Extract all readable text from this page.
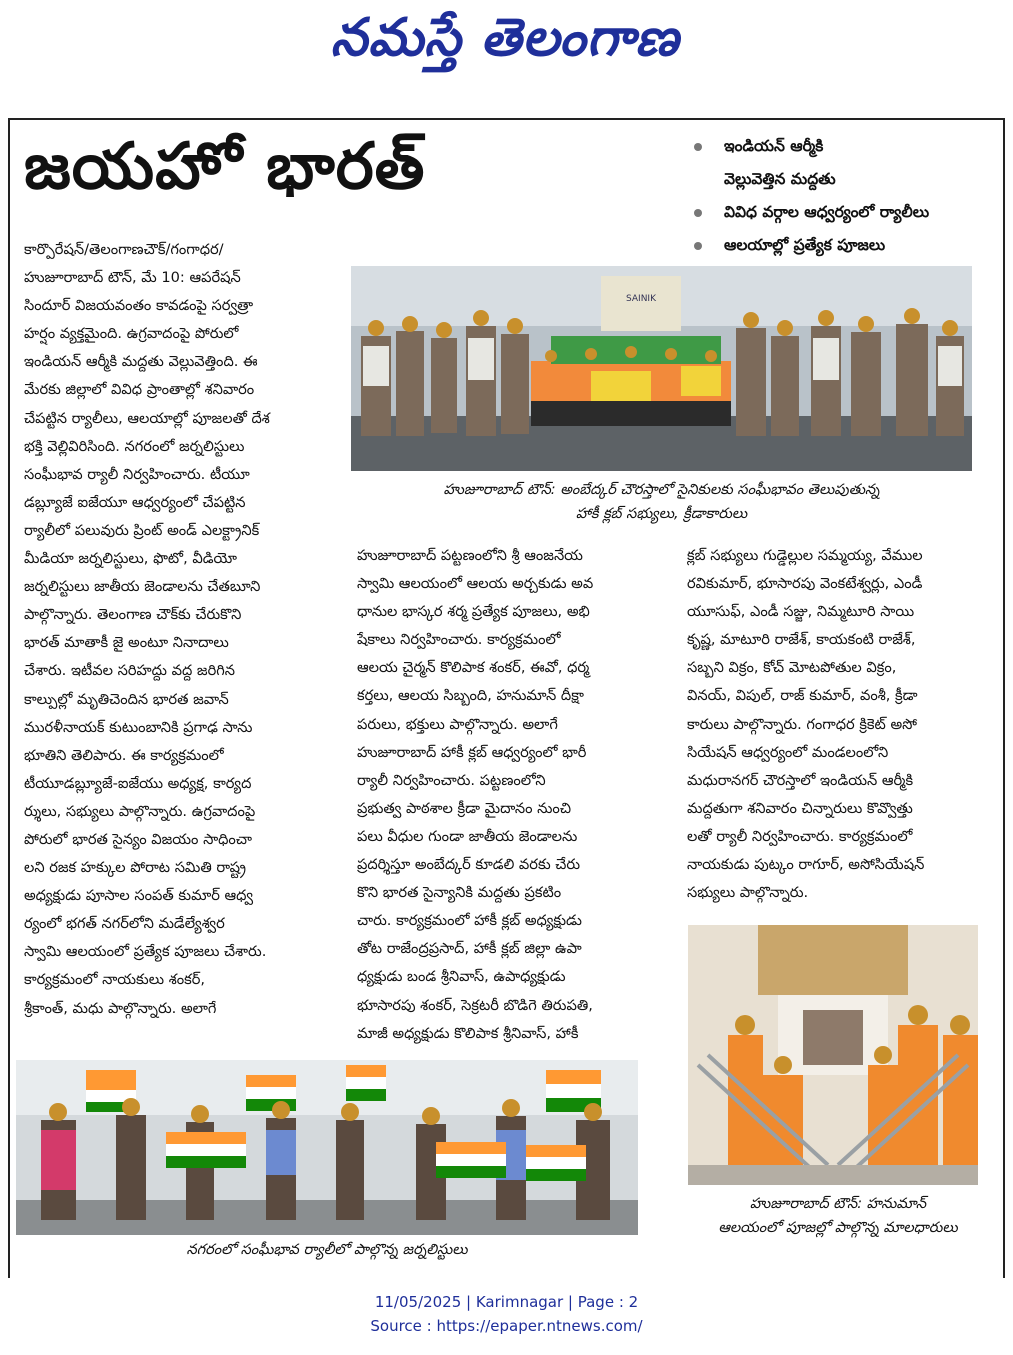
నమస్తే తెలంగాణ
జయహో భారత్	ఇండియన్ ఆర్మీకి
వెల్లువెత్తిన మద్దతు
వివిధ వర్గాల ఆధ్వర్యంలో ర్యాలీలు
ఆలయాల్లో ప్రత్యేక పూజలు

కార్పొరేషన్/తెలంగాణచౌక్/గంగాధర/

హుజూరాబాద్ టౌన్, మే 10: ఆపరేషన్

సిందూర్ విజయవంతం కావడంపై సర్వత్రా

హర్షం వ్యక్తమైంది. ఉగ్రవాదంపై పోరులో

ఇండియన్ ఆర్మీకి మద్దతు వెల్లువెత్తింది. ఈ

మేరకు జిల్లాలో వివిధ ప్రాంతాల్లో శనివారం

చేపట్టిన ర్యాలీలు, ఆలయాల్లో పూజలతో దేశ

భక్తి వెల్లివిరిసింది. నగరంలో జర్నలిస్టులు

సంఘీభావ ర్యాలీ నిర్వహించారు. టీయూ

డబ్ల్యూజే ఐజేయూ ఆధ్వర్యంలో చేపట్టిన

ర్యాలీలో పలువురు ప్రింట్ అండ్ ఎలక్ట్రానిక్

మీడియా జర్నలిస్టులు, ఫొటో, వీడియో

జర్నలిస్టులు జాతీయ జెండాలను చేతబూని

పాల్గొన్నారు. తెలంగాణ చౌక్‌కు చేరుకొని

భారత్ మాతాకీ జై అంటూ నినాదాలు

చేశారు. ఇటీవల సరిహద్దు వద్ద జరిగిన

కాల్పుల్లో మృతిచెందిన భారత జవాన్

మురళీనాయక్ కుటుంబానికి ప్రగాఢ సాను

భూతిని తెలిపారు. ఈ కార్యక్రమంలో

టీయూడబ్ల్యూజే-ఐజేయు అధ్యక్ష, కార్యద

ర్శులు, సభ్యులు పాల్గొన్నారు. ఉగ్రవాదంపై

పోరులో భారత సైన్యం విజయం సాధించా

లని రజక హక్కుల పోరాట సమితి రాష్ట్ర

అధ్యక్షుడు పూసాల సంపత్ కుమార్ ఆధ్వ

ర్యంలో భగత్ నగర్‌లోని మడేల్యేశ్వర

స్వామి ఆలయంలో ప్రత్యేక పూజలు చేశారు.

కార్యక్రమంలో నాయకులు శంకర్,

శ్రీకాంత్, మధు పాల్గొన్నారు. అలాగే

హుజూరాబాద్ పట్టణంలోని శ్రీ ఆంజనేయ

స్వామి ఆలయంలో ఆలయ అర్చకుడు అవ

ధానుల భాస్కర శర్మ ప్రత్యేక పూజలు, అభి

షేకాలు నిర్వహించారు. కార్యక్రమంలో

ఆలయ చైర్మన్ కొలిపాక శంకర్, ఈవో, ధర్మ

కర్తలు, ఆలయ సిబ్బంది, హనుమాన్ దీక్షా

పరులు, భక్తులు పాల్గొన్నారు. అలాగే

హుజూరాబాద్ హాకీ క్లబ్ ఆధ్వర్యంలో భారీ

ర్యాలీ నిర్వహించారు. పట్టణంలోని

ప్రభుత్వ పాఠశాల క్రీడా మైదానం నుంచి

పలు వీధుల గుండా జాతీయ జెండాలను

ప్రదర్శిస్తూ అంబేద్కర్ కూడలి వరకు చేరు

కొని భారత సైన్యానికి మద్దతు ప్రకటిం

చారు. కార్యక్రమంలో హాకీ క్లబ్ అధ్యక్షుడు

తోట రాజేంద్రప్రసాద్, హాకీ క్లబ్ జిల్లా ఉపా

ధ్యక్షుడు బండ శ్రీనివాస్, ఉపాధ్యక్షుడు

భూసారపు శంకర్, సెక్రటరీ బొడిగె తిరుపతి,

మాజీ అధ్యక్షుడు కొలిపాక శ్రీనివాస్, హాకీ

క్లబ్ సభ్యులు గుడ్డెల్లుల సమ్మయ్య, వేముల

రవికుమార్, భూసారపు వెంకటేశ్వర్లు, ఎండీ

యూసుఫ్, ఎండీ సజ్జు, నిమ్మటూరి సాయి

కృష్ణ, మాటూరి రాజేశ్, కాయకంటి రాజేశ్,

సబ్బని విక్రం, కోచ్ మోటపోతుల విక్రం,

వినయ్, విపుల్, రాజ్ కుమార్, వంశీ, క్రీడా

కారులు పాల్గొన్నారు. గంగాధర క్రికెట్ అసో

సియేషన్ ఆధ్వర్యంలో మండలంలోని

మధురానగర్ చౌరస్తాలో ఇండియన్ ఆర్మీకి

మద్దతుగా శనివారం చిన్నారులు కొవ్వొత్తు

లతో ర్యాలీ నిర్వహించారు. కార్యక్రమంలో

నాయకుడు పుట్కం రాగూర్, అసోసియేషన్

సభ్యులు పాల్గొన్నారు.

SAINIK
హుజూరాబాద్ టౌన్: అంబేద్కర్ చౌరస్తాలో సైనికులకు సంఘీభావం తెలుపుతున్న
హాకీ క్లబ్ సభ్యులు, క్రీడాకారులు
నగరంలో సంఘీభావ ర్యాలీలో పాల్గొన్న జర్నలిస్టులు
హుజూరాబాద్ టౌన్: హనుమాన్
ఆలయంలో పూజల్లో పాల్గొన్న మాలధారులు
11/05/2025 | Karimnagar | Page : 2
Source : https://epaper.ntnews.com/
